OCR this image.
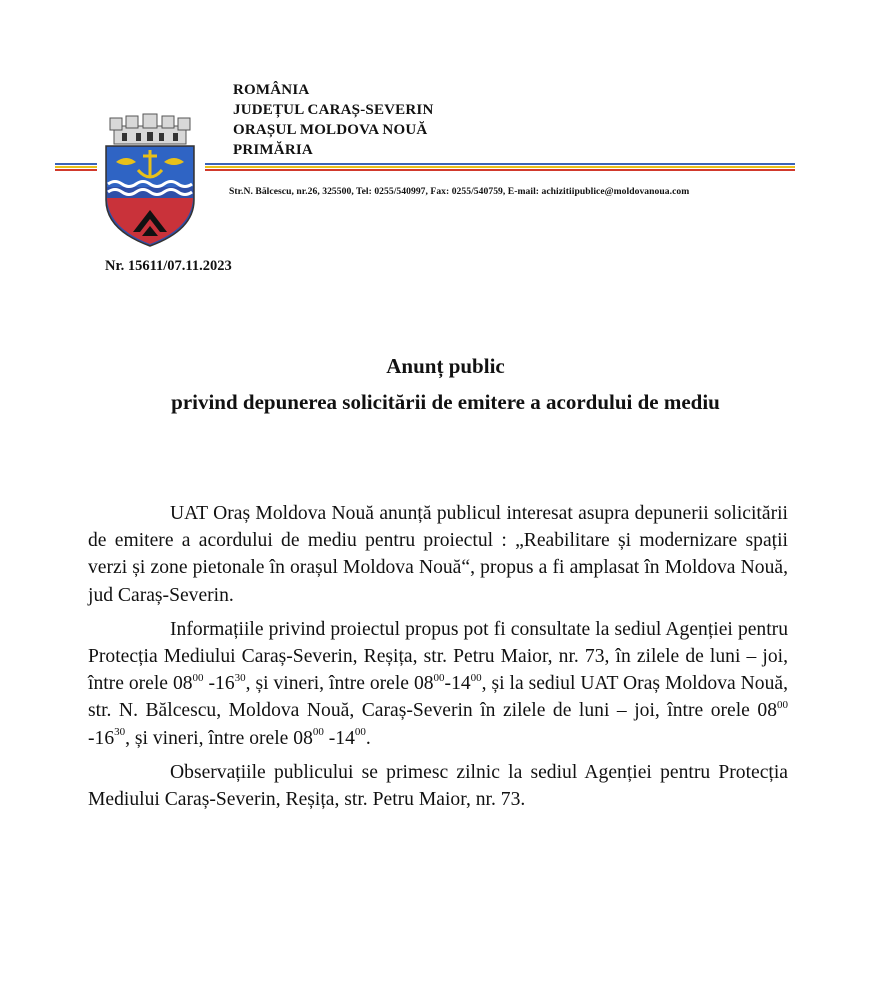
ROMÂNIA
JUDEȚUL CARAȘ-SEVERIN
ORAȘUL MOLDOVA NOUĂ
PRIMĂRIA
Str.N. Bălcescu, nr.26, 325500, Tel: 0255/540997, Fax: 0255/540759, E-mail: achizitiipublice@moldovanoua.com
Nr. 15611/07.11.2023
Anunț public
privind depunerea solicitării de emitere a acordului de mediu

UAT Oraș Moldova Nouă anunță publicul interesat asupra depunerii solicitării de emitere a acordului de mediu pentru proiectul : „Reabilitare și modernizare spații verzi și zone pietonale în orașul Moldova Nouă“, propus a fi amplasat în Moldova Nouă, jud Caraș-Severin.

Informațiile privind proiectul propus pot fi consultate la sediul Agenției pentru Protecția Mediului Caraș-Severin, Reșița, str. Petru Maior, nr. 73, în zilele de luni – joi, între orele $08^{00}$ $-16^{30}$, și vineri, între orele $08^{00}-14^{00}$, și la sediul UAT Oraș Moldova Nouă, str. N. Bălcescu, Moldova Nouă, Caraș-Severin în zilele de luni – joi, între orele $08^{00}$ $-16^{30}$, și vineri, între orele $08^{00}$ $-14^{00}$.

Observațiile publicului se primesc zilnic la sediul Agenției pentru Protecția Mediului Caraș-Severin, Reșița, str. Petru Maior, nr. 73.
